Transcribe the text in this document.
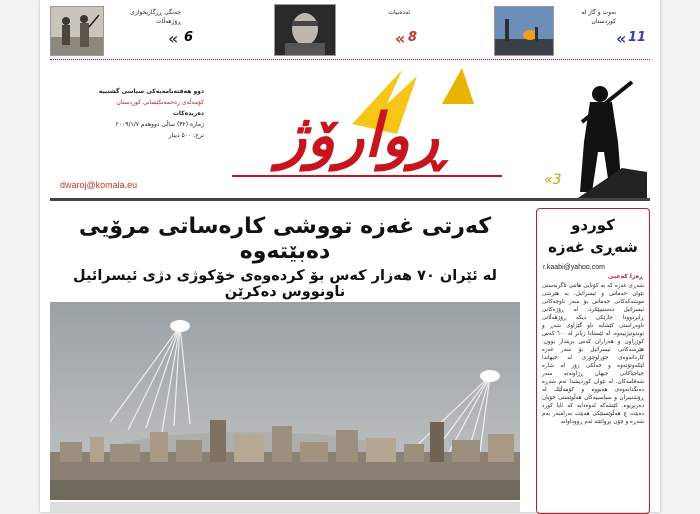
جەنگی ڕزگاریخوازی ڕۆژهەڵات
« 6
ئەدەبیات
« 8
نەوت و گاز لە کوردستان
« 11
دوو هەفتەنامەیەکی سیاسی گشتییە
کۆمەڵەی زەحمەتکێشانی کوردستان
دەریدەکات
ژمارە (۴۲) ساڵی دووهەم ۲۰۰۹/۱/۷
نرخ: ۵۰۰ دینار
dwaroj@komala.eu
ڕوارۆژ
«3
کەرتی غەزە تووشی کارەساتی مرۆیی دەبێتەوە
لە ئێران ۷۰ هەزار کەس بۆ کردەوەی خۆکوژی دژی ئیسرائیل ناونووس دەکرێن
کوردو
شەڕی غەزە
r.kaabi@yahoo.com
ڕەزا کەعبی
شەڕی غەزە کە بە کۆتایی هاتنی ئاگربەستی نێوان حەماس و ئیسرائیل، بە هێرشی موشەکەکانی حەماس بۆ سەر ناوچەکانی ئیسرائیل دەستیپێکرد، لە ڕۆژەکانی ڕابردوودا جارێکی دیکە ڕۆژهەڵاتی ناوەڕاستی کێشایە ناو گێژاوی شەڕ و توندوتیژییەوە. لە ئێستادا زیاتر لە ٦٠٠ کەس کوژراون و هەزاران کەس بریندار بوون. هێرشەکانی ئیسرائیل بۆ سەر غەزە کاردانەوەی جۆراوجۆری لە جیهاندا لێکەوتۆتەوە و خەڵکی زۆر لە شارە جیاجیاکانی جیهان ڕژاونەتە سەر شەقامەکان. لە نێوان کوردیشدا ئەم شەڕە دەنگدانەوەی هەبووە و کۆمەڵێک لە ڕۆشنبیران و سیاسییەکان هەڵوێستی خۆیان دەربڕیوە. کێشەکە لەوەدایە کە ئایا کورد دەبێت چ هەڵوێستێکی هەبێت بەرامبەر بەم شەڕە و چۆن بڕوانێتە ئەم ڕووداوانە.
